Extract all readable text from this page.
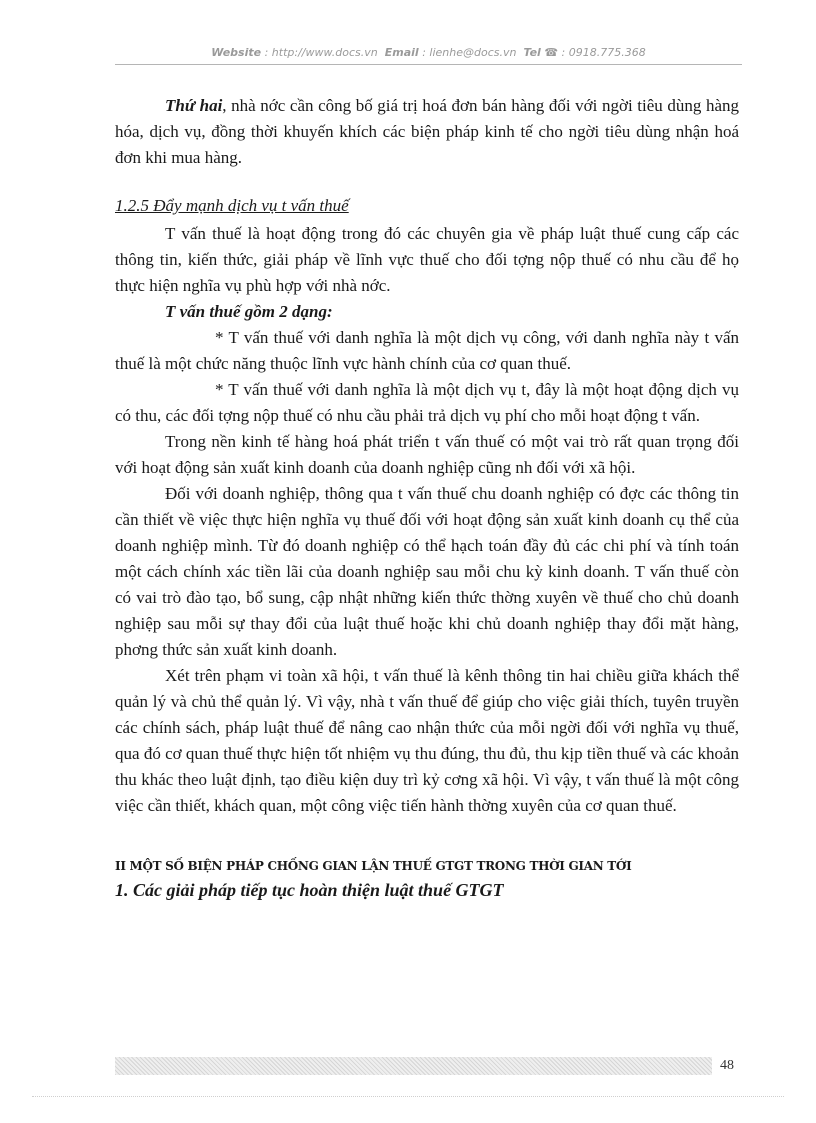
Website : http://www.docs.vn Email : lienhe@docs.vn Tel ☎ : 0918.775.368

Thứ hai, nhà nớc cần công bố giá trị hoá đơn bán hàng đối với ngời tiêu dùng hàng hóa, dịch vụ, đồng thời khuyến khích các biện pháp kinh tế cho ngời tiêu dùng nhận hoá đơn khi mua hàng.

1.2.5 Đẩy mạnh dịch vụ t vấn thuế

T vấn thuế là hoạt động trong đó các chuyên gia về pháp luật thuế cung cấp các thông tin, kiến thức, giải pháp về lĩnh vực thuế cho đối tợng nộp thuế có nhu cầu để họ thực hiện nghĩa vụ phù hợp với nhà nớc.

T vấn thuế gồm 2 dạng:

* T vấn thuế với danh nghĩa là một dịch vụ công, với danh nghĩa này t vấn thuế là một chức năng thuộc lĩnh vực hành chính của cơ quan thuế.

* T vấn thuế với danh nghĩa là một dịch vụ t, đây là một hoạt động dịch vụ có thu, các đối tợng nộp thuế có nhu cầu phải trả dịch vụ phí cho mỗi hoạt động t vấn.

Trong nền kinh tế hàng hoá phát triển t vấn thuế có một vai trò rất quan trọng đối với hoạt động sản xuất kinh doanh của doanh nghiệp cũng nh đối với xã hội.

Đối với doanh nghiệp, thông qua t vấn thuế chu doanh nghiệp có đợc các thông tin cần thiết về việc thực hiện nghĩa vụ thuế đối với hoạt động sản xuất kinh doanh cụ thể của doanh nghiệp mình. Từ đó doanh nghiệp có thể hạch toán đầy đủ các chi phí và tính toán một cách chính xác tiền lãi của doanh nghiệp sau mỗi chu kỳ kinh doanh. T vấn thuế còn có vai trò đào tạo, bổ sung, cập nhật những kiến thức thờng xuyên về thuế cho chủ doanh nghiệp sau mỗi sự thay đổi của luật thuế hoặc khi chủ doanh nghiệp thay đổi mặt hàng, phơng thức sản xuất kinh doanh.

Xét trên phạm vi toàn xã hội, t vấn thuế là kênh thông tin hai chiều giữa khách thể quản lý và chủ thể quản lý. Vì vậy, nhà t vấn thuế để giúp cho việc giải thích, tuyên truyền các chính sách, pháp luật thuế để nâng cao nhận thức của mỗi ngời đối với nghĩa vụ thuế, qua đó cơ quan thuế thực hiện tốt nhiệm vụ thu đúng, thu đủ, thu kịp tiền thuế và các khoản thu khác theo luật định, tạo điều kiện duy trì kỷ cơng xã hội. Vì vậy, t vấn thuế là một công việc cần thiết, khách quan, một công việc tiến hành thờng xuyên của cơ quan thuế.

II MỘT SỐ BIỆN PHÁP CHỐNG GIAN LẬN THUẾ GTGT TRONG THỜI GIAN TỚI
1. Các giải pháp tiếp tục hoàn thiện luật thuế GTGT
48
